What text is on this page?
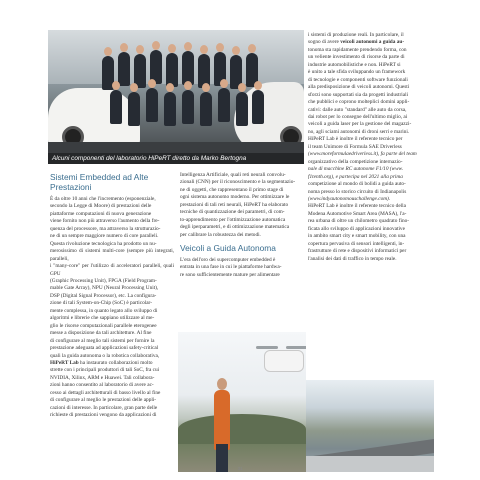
Alcuni componenti del laboratorio HiPeRT diretto da Marko Bertogna
Sistemi Embedded ad Alte
Prestazioni
È da oltre 10 anni che l'incremento (esponenziale,
secondo la Legge di Moore) di prestazioni delle
piattaforme computazioni di nuova generazione
viene fornito non più attraverso l'aumento della fre-
quenza del processore, ma attraverso la strutturazio-
ne di un sempre maggiore numero di core paralleli.
Questa rivoluzione tecnologica ha prodotto un nu-
merosissimo di sistemi multi-core (sempre più integrati, paralleli,
i "many-core" per l'utilizzo di acceleratori paralleli, quali GPU
(Graphic Processing Unit), FPGA (Field Program-
mable Gate Array), NPU (Neural Processing Unit),
DSP (Digital Signal Processor), etc. La configura-
zione di tali System-on-Chip (SoC) è particolar-
mente complessa, in quanto legato allo sviluppo di
algoritmi e librerie che sappiano utilizzare al me-
glio le risorse computazionali parallele eterogenee
messe a disposizione da tali architetture. Al fine
di configurare al meglio tali sistemi per fornire la
prestazione adeguata ad applicazioni safety-critical
quali la guida autonoma o la robotica collaborativa,
HiPeRT Lab ha instaurato collaborazioni molto
strette con i principali produttori di tali SoC, fra cui
NVIDIA, Xilinx, ARM e Huawei. Tali collabora-
zioni hanno consentito al laboratorio di avere ac-
cesso ai dettagli architetturali di basso livello al fine
di configurare al meglio le prestazioni delle appli-
cazioni di interesse. In particolare, gran parte delle
richieste di prestazioni vengono da applicazioni di
Intelligenza Artificiale, quali reti neurali convolu-
zionali (CNN) per il riconoscimento e la segmentazio-
ne di oggetti, che rappresentano il primo stage di
ogni sistema autonomo moderno. Per ottimizzare le
prestazioni di tali reti neurali, HiPeRT ha elaborato
tecniche di quantizzazione dei parametri, di com-
to-apprendimento per l'ottimizzazione automatica
degli iperparametri, e di ottimizzazione matematica
per calibrare la robustezza dei metodi.
Veicoli a Guida Autonoma
L'era dell'oro dei supercomputer embedded è
entrata in una fase in cui le piattaforme hardwa-
re sono sufficientemente mature per alimentare
i sistemi di produzione reali. In particolare, il
sogno di avere veicoli autonomi a guida au-
tonoma sta rapidamente prendendo forma, con
un veliente investimento di risorse da parte di
industrie automobilistiche e non. HiPeRT si
è unito a tale sfida sviluppando un framework
di tecnologie e componenti software funzionali
alla predisposizione di veicoli autonomi. Questi
sforzi sono supportati sia da progetti industriali
che pubblici e coprono molteplici domini appli-
cativi: dalle auto "standard" alle auto da corsa,
dai robot per lo consegne dell'ultimo miglio, ai
veicoli a guida laser per la gestione del magazzi-
no, agli sciami autonomi di droni serri e marini.
HiPeRT Lab è inoltre il referente tecnico per
il team Unimore di Formula SAE Driverless
(www.moreformulaedriverless.it), fa parte del team
organizzativo della competizione internazio-
nale di macchine RC autonome F1/10 (www.
f1tenth.org), e partecipa nel 2021 alla prima
competizione al mondo di bolidi a guida auto-
noma presso lo storico circuito di Indianapolis
(www.indyautonomouschallenge.com).
HiPeRT Lab è inoltre il referente tecnico della
Modena Automotive Smart Area (MASA), l'a-
rea urbana di oltre un chilometro quadrato fino-
ficata allo sviluppo di applicazioni innovative
in ambito smart city e smart mobility, con una
copertura pervasiva di sensori intelligenti, in-
frastrutture di rete e dispositivi informatici per
l'analisi dei dati di traffico in tempo reale.
31
